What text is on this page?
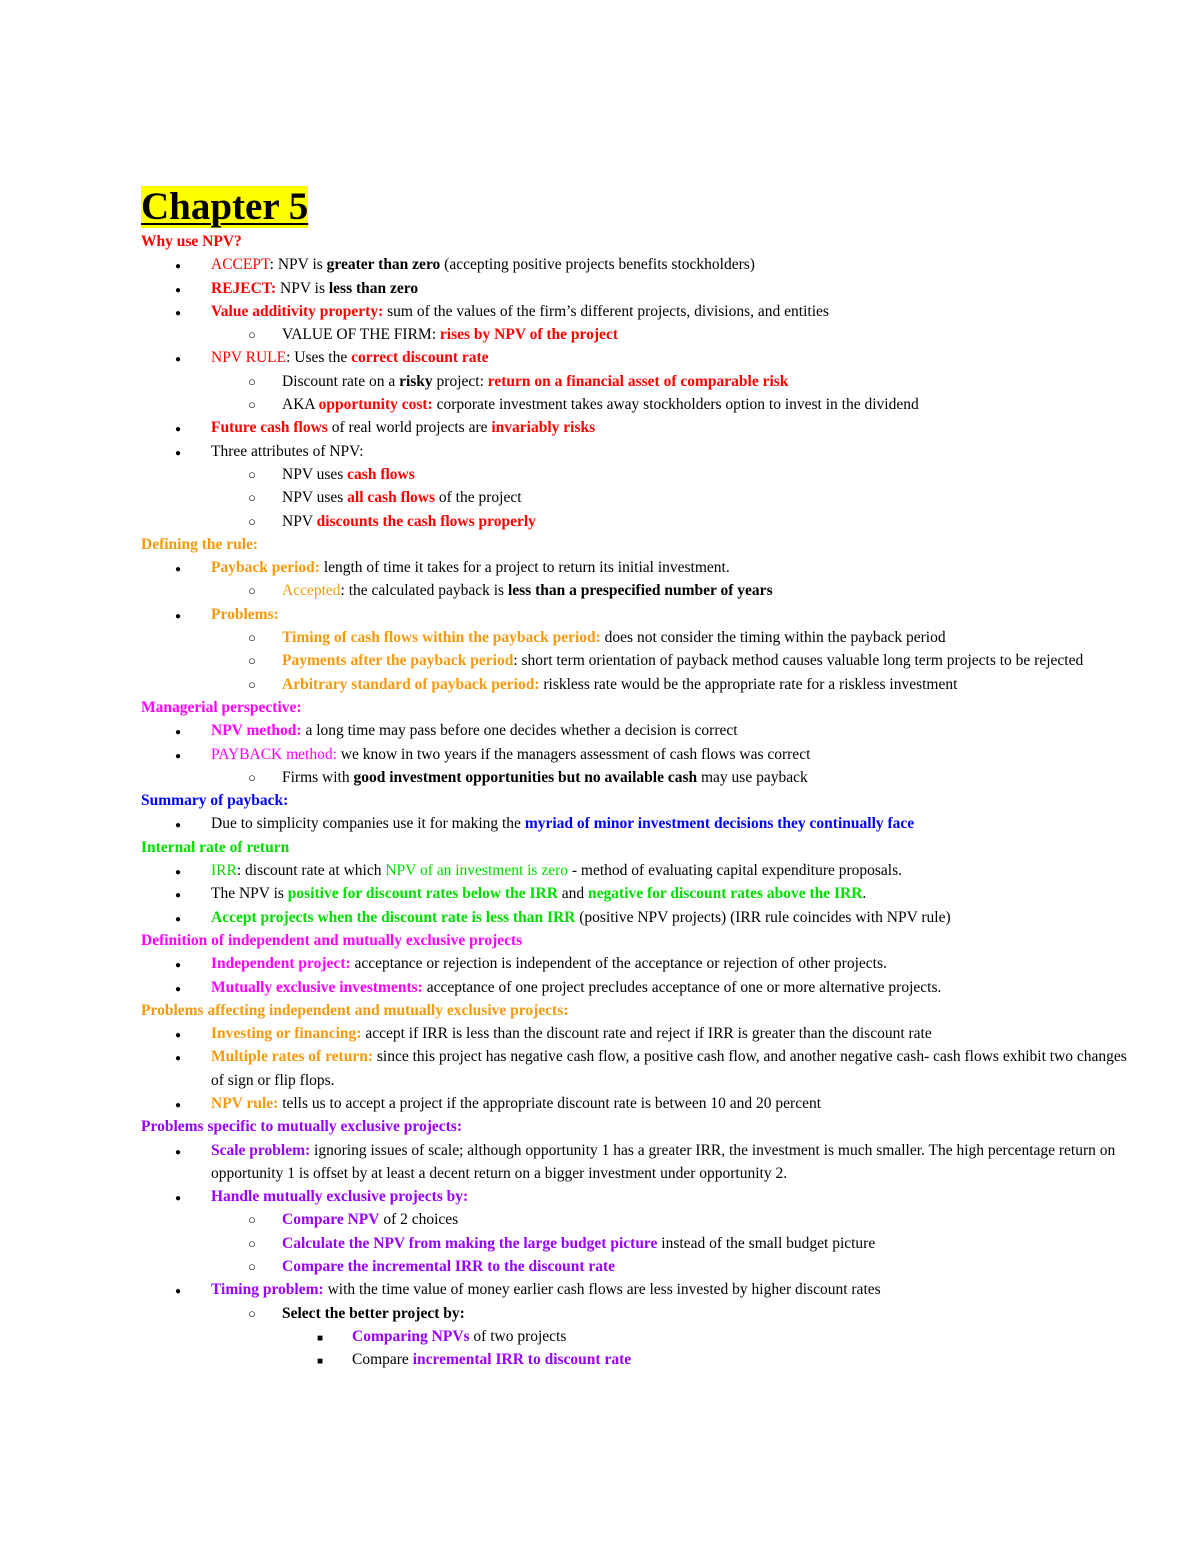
Chapter 5
Why use NPV?
●
ACCEPT: NPV is greater than zero (accepting positive projects benefits stockholders)
●
REJECT: NPV is less than zero
●
Value additivity property: sum of the values of the firm’s different projects, divisions, and entities
○
VALUE OF THE FIRM: rises by NPV of the project
●
NPV RULE: Uses the correct discount rate
○
Discount rate on a risky project: return on a financial asset of comparable risk
○
AKA opportunity cost: corporate investment takes away stockholders option to invest in the dividend
●
Future cash flows of real world projects are invariably risks
●
Three attributes of NPV:
○
NPV uses cash flows
○
NPV uses all cash flows of the project
○
NPV discounts the cash flows properly
Defining the rule:
●
Payback period: length of time it takes for a project to return its initial investment.
○
Accepted: the calculated payback is less than a prespecified number of years
●
Problems:
○
Timing of cash flows within the payback period: does not consider the timing within the payback period
○
Payments after the payback period: short term orientation of payback method causes valuable long term projects to be rejected
○
Arbitrary standard of payback period: riskless rate would be the appropriate rate for a riskless investment
Managerial perspective:
●
NPV method: a long time may pass before one decides whether a decision is correct
●
PAYBACK method: we know in two years if the managers assessment of cash flows was correct
○
Firms with good investment opportunities but no available cash may use payback
Summary of payback:
●
Due to simplicity companies use it for making the myriad of minor investment decisions they continually face
Internal rate of return
●
IRR: discount rate at which NPV of an investment is zero - method of evaluating capital expenditure proposals.
●
The NPV is positive for discount rates below the IRR and negative for discount rates above the IRR.
●
Accept projects when the discount rate is less than IRR (positive NPV projects) (IRR rule coincides with NPV rule)
Definition of independent and mutually exclusive projects
●
Independent project: acceptance or rejection is independent of the acceptance or rejection of other projects.
●
Mutually exclusive investments: acceptance of one project precludes acceptance of one or more alternative projects.
Problems affecting independent and mutually exclusive projects:
●
Investing or financing: accept if IRR is less than the discount rate and reject if IRR is greater than the discount rate
●
Multiple rates of return: since this project has negative cash flow, a positive cash flow, and another negative cash- cash flows exhibit two changes of sign or flip flops.
●
NPV rule: tells us to accept a project if the appropriate discount rate is between 10 and 20 percent
Problems specific to mutually exclusive projects:
●
Scale problem: ignoring issues of scale; although opportunity 1 has a greater IRR, the investment is much smaller. The high percentage return on opportunity 1 is offset by at least a decent return on a bigger investment under opportunity 2.
●
Handle mutually exclusive projects by:
○
Compare NPV of 2 choices
○
Calculate the NPV from making the large budget picture instead of the small budget picture
○
Compare the incremental IRR to the discount rate
●
Timing problem: with the time value of money earlier cash flows are less invested by higher discount rates
○
Select the better project by:
■
Comparing NPVs of two projects
■
Compare incremental IRR to discount rate
